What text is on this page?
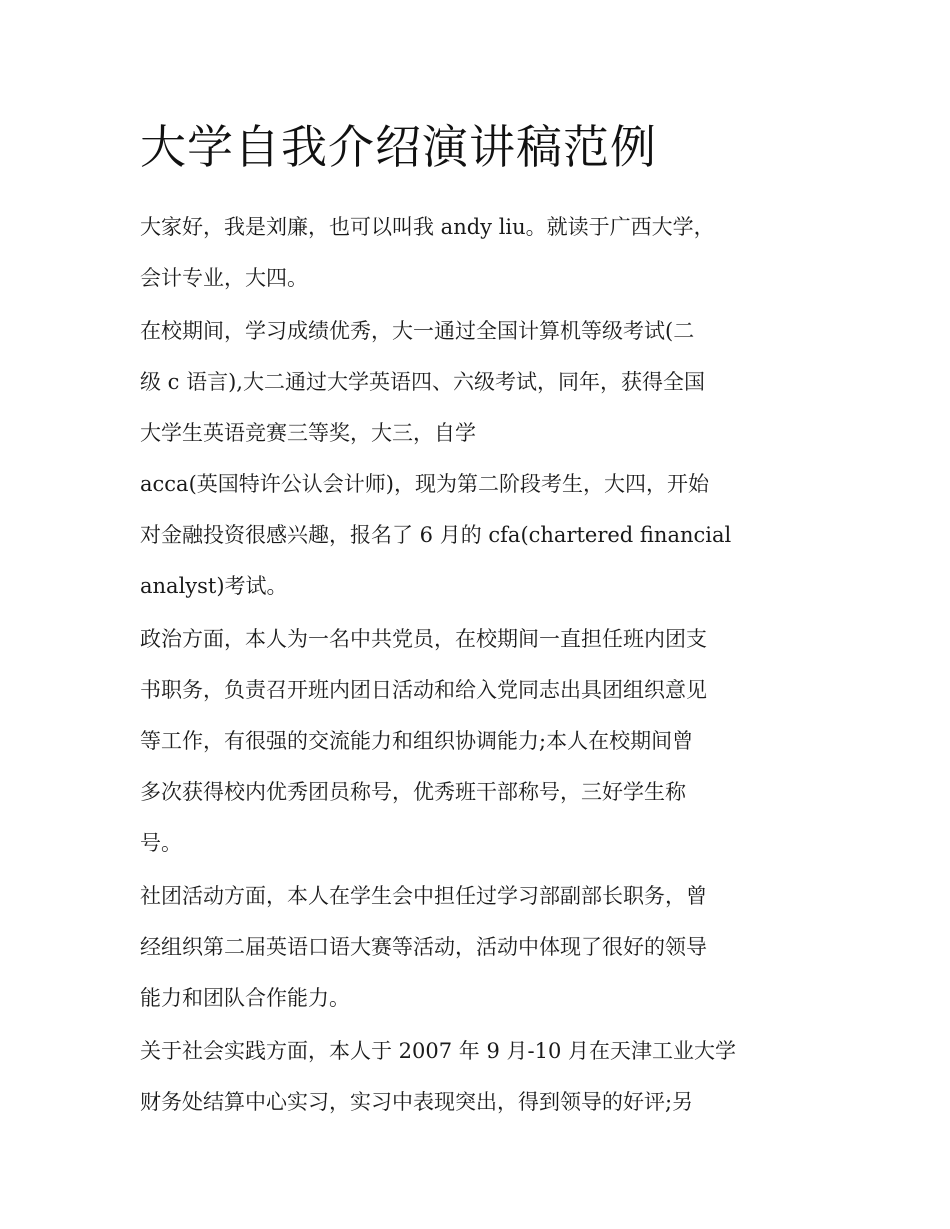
大学自我介绍演讲稿范例
大家好，我是刘廉，也可以叫我 andy liu。就读于广西大学，
会计专业，大四。
在校期间，学习成绩优秀，大一通过全国计算机等级考试(二
级 c 语言),大二通过大学英语四、六级考试，同年，获得全国
大学生英语竞赛三等奖，大三，自学
acca(英国特许公认会计师)，现为第二阶段考生，大四，开始
对金融投资很感兴趣，报名了 6 月的 cfa(chartered financial
analyst)考试。
政治方面，本人为一名中共党员，在校期间一直担任班内团支
书职务，负责召开班内团日活动和给入党同志出具团组织意见
等工作，有很强的交流能力和组织协调能力;本人在校期间曾
多次获得校内优秀团员称号，优秀班干部称号，三好学生称
号。
社团活动方面，本人在学生会中担任过学习部副部长职务，曾
经组织第二届英语口语大赛等活动，活动中体现了很好的领导
能力和团队合作能力。
关于社会实践方面，本人于 2007 年 9 月-10 月在天津工业大学
财务处结算中心实习，实习中表现突出，得到领导的好评;另
